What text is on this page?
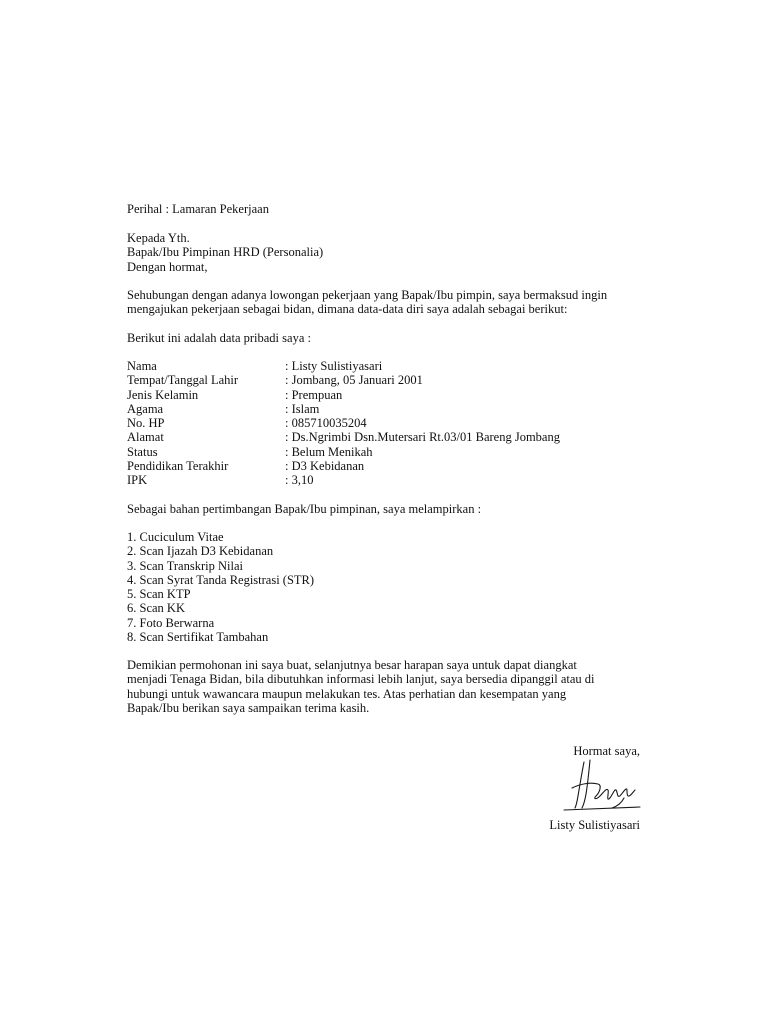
Perihal : Lamaran Pekerjaan
Kepada Yth.
Bapak/Ibu Pimpinan HRD (Personalia)
Dengan hormat,
Sehubungan dengan adanya lowongan pekerjaan yang Bapak/Ibu pimpin, saya bermaksud ingin
mengajukan pekerjaan sebagai bidan, dimana data-data diri saya adalah sebagai berikut:
Berikut ini adalah data pribadi saya :
Nama	: Listy Sulistiyasari
Tempat/Tanggal Lahir	: Jombang, 05 Januari 2001
Jenis Kelamin	: Prempuan
Agama	: Islam
No. HP	: 085710035204
Alamat	: Ds.Ngrimbi Dsn.Mutersari Rt.03/01 Bareng Jombang
Status	: Belum Menikah
Pendidikan Terakhir	: D3 Kebidanan
IPK	: 3,10
Sebagai bahan pertimbangan Bapak/Ibu pimpinan, saya melampirkan :
1. Cuciculum Vitae
2. Scan Ijazah D3 Kebidanan
3. Scan Transkrip Nilai
4. Scan Syrat Tanda Registrasi (STR)
5. Scan KTP
6. Scan KK
7. Foto Berwarna
8. Scan Sertifikat Tambahan
Demikian permohonan ini saya buat, selanjutnya besar harapan saya untuk dapat diangkat
menjadi Tenaga Bidan, bila dibutuhkan informasi lebih lanjut, saya bersedia dipanggil atau di
hubungi untuk wawancara maupun melakukan tes. Atas perhatian dan kesempatan yang
Bapak/Ibu berikan saya sampaikan terima kasih.
Hormat saya,
Listy Sulistiyasari
